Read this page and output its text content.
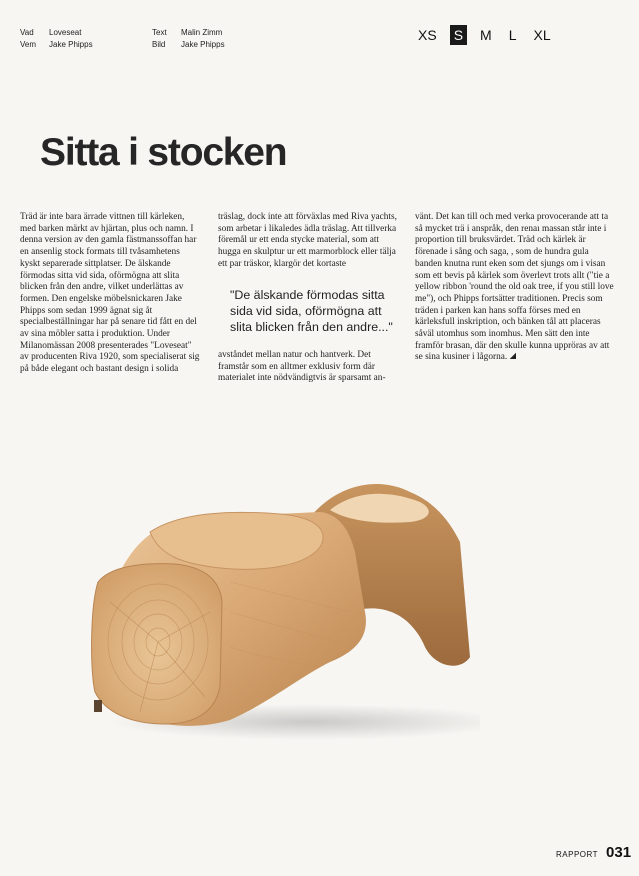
Vad	Loveseat
Vem Jake Phipps
Text Malin Zimm
Bild	Jake Phipps
XS S M L XL
Sitta i stocken

Träd är inte bara ärrade vittnen till kärleken, med barken märkt av hjärtan, plus och namn. I denna version av den gamla fästmanssoffan har en ansenlig stock formats till tvåsamhetens kyskt separerade sittplatser. De älskande förmodas sitta vid sida, oförmögna att slita blicken från den andre, vilket underlättas av formen. Den engelske möbelsnickaren Jake Phipps som sedan 1999 ägnat sig åt specialbeställningar har på senare tid fått en del av sina möbler satta i produktion. Under Milanomässan 2008 presenterades "Loveseat" av producenten Riva 1920, som specialiserat sig på både elegant och bastant design i solida

träslag, dock inte att förväxlas med Riva yachts, som arbetar i likaledes ädla träslag. Att tillverka föremål ur ett enda stycke material, som att hugga en skulptur ur ett marmorblock eller tälja ett par träskor, klargör det kortaste

"De älskande förmodas sitta sida vid sida, oförmögna att slita blicken från den andre..."

avståndet mellan natur och hantverk. Det framstår som en alltmer exklusiv form där materialet inte nödvändigtvis är sparsamt an-

vänt. Det kan till och med verka provocerande att ta så mycket trä i anspråk, den renaı massan står inte i proportion till bruksvärdet. Träd och kärlek är förenade i sång och saga, , som de hundra gula banden knutna runt eken som det sjungs om i visan som ett bevis på kärlek som överlevt trots allt ("tie a yellow ribbon 'round the old oak tree, if you still love me"), och Phipps fortsätter traditionen. Precis som träden i parken kan hans soffa förses med en kärleksfull inskription, och bänken tål att placeras såväl utomhus som inomhus. Men sätt den inte framför brasan, där den skulle kunna uppröras av att se sina kusiner i lågorna.

RAPPORT 031
